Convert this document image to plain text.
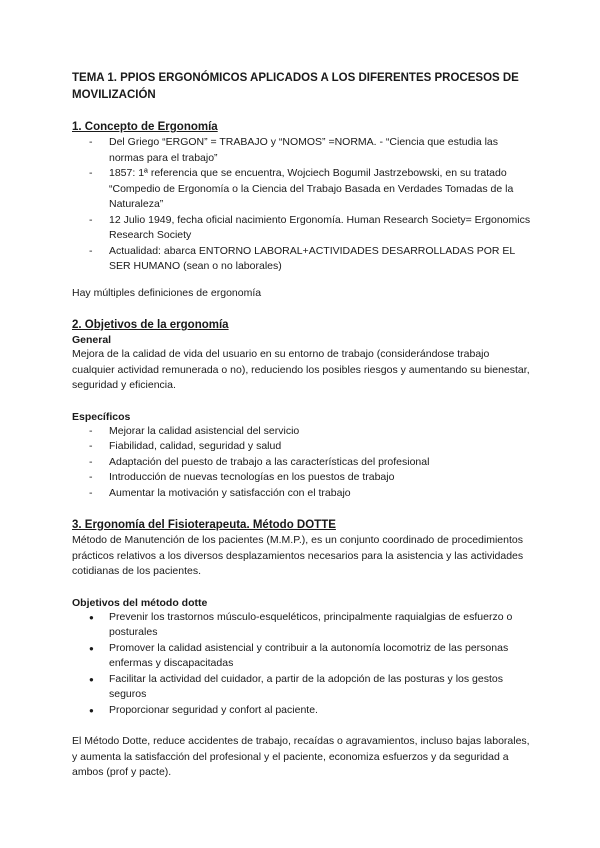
TEMA 1. PPIOS ERGONÓMICOS APLICADOS A LOS DIFERENTES PROCESOS DE MOVILIZACIÓN

1. Concepto de Ergonomía

- Del Griego “ERGON” = TRABAJO y “NOMOS” =NORMA. - “Ciencia que estudia las normas para el trabajo”
- 1857: 1ª referencia que se encuentra, Wojciech Bogumil Jastrzebowski, en su tratado “Compedio de Ergonomía o la Ciencia del Trabajo Basada en Verdades Tomadas de la Naturaleza”
- 12 Julio 1949, fecha oficial nacimiento Ergonomía. Human Research Society= Ergonomics Research Society
- Actualidad: abarca ENTORNO LABORAL+ACTIVIDADES DESARROLLADAS POR EL SER HUMANO (sean o no laborales)

Hay múltiples definiciones de ergonomía

2. Objetivos de la ergonomía

General

Mejora de la calidad de vida del usuario en su entorno de trabajo (considerándose trabajo cualquier actividad remunerada o no), reduciendo los posibles riesgos y aumentando su bienestar, seguridad y eficiencia.

Específicos

- Mejorar la calidad asistencial del servicio
- Fiabilidad, calidad, seguridad y salud
- Adaptación del puesto de trabajo a las características del profesional
- Introducción de nuevas tecnologías en los puestos de trabajo
- Aumentar la motivación y satisfacción con el trabajo

3. Ergonomía del Fisioterapeuta. Método DOTTE

Método de Manutención de los pacientes (M.M.P.), es un conjunto coordinado de procedimientos prácticos relativos a los diversos desplazamientos necesarios para la asistencia y las actividades cotidianas de los pacientes.

Objetivos del método dotte

● Prevenir los trastornos músculo-esqueléticos, principalmente raquialgias de esfuerzo o posturales
● Promover la calidad asistencial y contribuir a la autonomía locomotriz de las personas enfermas y discapacitadas
● Facilitar la actividad del cuidador, a partir de la adopción de las posturas y los gestos seguros
● Proporcionar seguridad y confort al paciente.

El Método Dotte, reduce accidentes de trabajo, recaídas o agravamientos, incluso bajas laborales, y aumenta la satisfacción del profesional y el paciente, economiza esfuerzos y da seguridad a ambos (prof y pacte).
